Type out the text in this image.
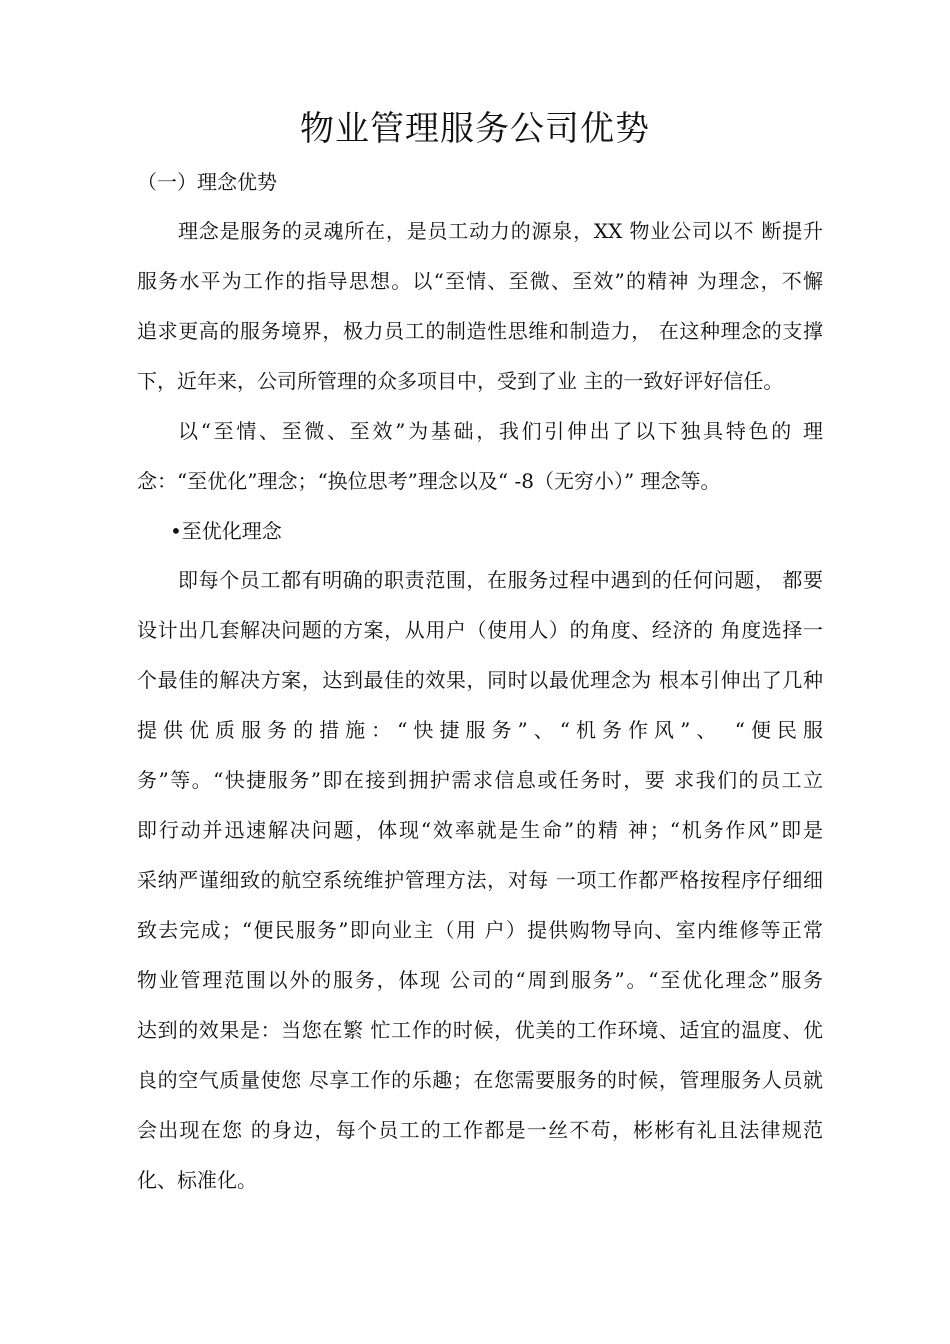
物业管理服务公司优势
（一）理念优势
理念是服务的灵魂所在，是员工动力的源泉，XX 物业公司以不 断提升
服务水平为工作的指导思想。以“至情、至微、至效”的精神 为理念，不懈
追求更高的服务境界，极力员工的制造性思维和制造力， 在这种理念的支撑
下，近年来，公司所管理的众多项目中，受到了业 主的一致好评好信任。
以“至情、至微、至效”为基础，我们引伸出了以下独具特色的 理
念：“至优化”理念；“换位思考”理念以及“ -8（无穷小）” 理念等。
•至优化理念
即每个员工都有明确的职责范围，在服务过程中遇到的任何问题， 都要
设计出几套解决问题的方案，从用户（使用人）的角度、经济的 角度选择一
个最佳的解决方案，达到最佳的效果，同时以最优理念为 根本引伸出了几种
提供优质服务的措施：“快捷服务”、“机务作风”、 “便民服
务”等。“快捷服务”即在接到拥护需求信息或任务时，要 求我们的员工立
即行动并迅速解决问题，体现“效率就是生命”的精 神；“机务作风”即是
采纳严谨细致的航空系统维护管理方法，对每 一项工作都严格按程序仔细细
致去完成；“便民服务”即向业主（用 户）提供购物导向、室内维修等正常
物业管理范围以外的服务，体现 公司的“周到服务”。“至优化理念”服务
达到的效果是：当您在繁 忙工作的时候，优美的工作环境、适宜的温度、优
良的空气质量使您 尽享工作的乐趣；在您需要服务的时候，管理服务人员就
会出现在您 的身边，每个员工的工作都是一丝不苟，彬彬有礼且法律规范
化、标准化。
